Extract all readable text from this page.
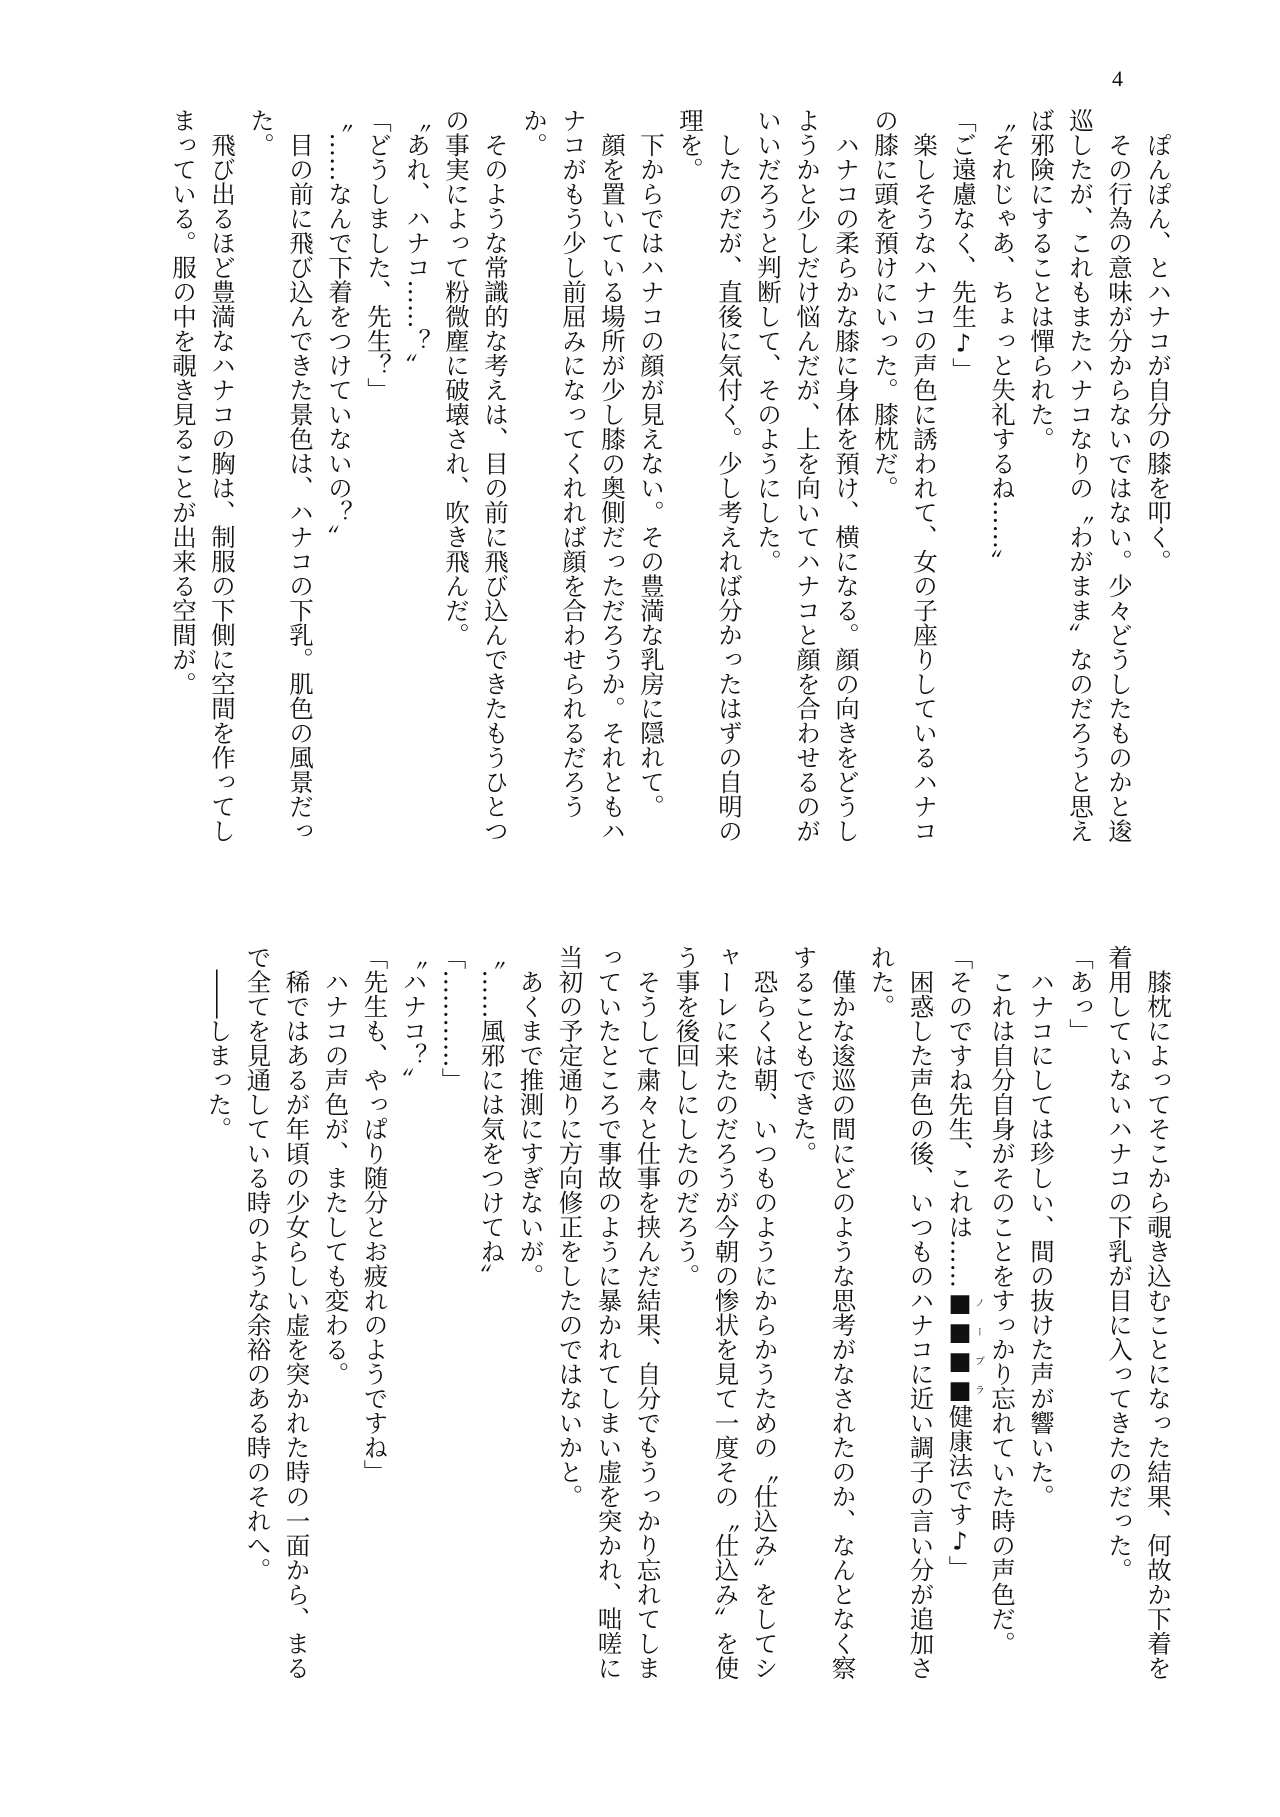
4

　ぽんぽん、とハナコが自分の膝を叩く。

　その行為の意味が分からないではない。少々どうしたものかと逡巡したが、これもまたハナコなりの〝わがまま〟なのだろうと思えば邪険にすることは憚られた。

〝それじゃあ、ちょっと失礼するね……〟

「ご遠慮なく、先生♪」

　楽しそうなハナコの声色に誘われて、女の子座りしているハナコの膝に頭を預けにいった。膝枕だ。

　ハナコの柔らかな膝に身体を預け、横になる。顔の向きをどうしようかと少しだけ悩んだが、上を向いてハナコと顔を合わせるのがいいだろうと判断して、そのようにした。

　したのだが、直後に気付く。少し考えれば分かったはずの自明の理を。

　下からではハナコの顔が見えない。その豊満な乳房に隠れて。

　顔を置いている場所が少し膝の奥側だっただろうか。それともハナコがもう少し前屈みになってくれれば顔を合わせられるだろうか。

　そのような常識的な考えは、目の前に飛び込んできたもうひとつの事実によって粉微塵に破壊され、吹き飛んだ。

〝あれ、ハナコ……？〟

「どうしました、先生？」

〝……なんで下着をつけていないの？〟

　目の前に飛び込んできた景色は、ハナコの下乳。肌色の風景だった。

　飛び出るほど豊満なハナコの胸は、制服の下側に空間を作ってしまっている。服の中を覗き見ることが出来る空間が。

　膝枕によってそこから覗き込むことになった結果、何故か下着を着用していないハナコの下乳が目に入ってきたのだった。

「あっ」

　ハナコにしては珍しい、間の抜けた声が響いた。

　これは自分自身がそのことをすっかり忘れていた時の声色だ。

「そのですね先生、これは……■■■■ノーブラ健康法です♪」

　困惑した声色の後、いつものハナコに近い調子の言い分が追加された。

　僅かな逡巡の間にどのような思考がなされたのか、なんとなく察することもできた。

　恐らくは朝、いつものようにからかうための〝仕込み〟をしてシャーレに来たのだろうが今朝の惨状を見て一度その〝仕込み〟を使う事を後回しにしたのだろう。

　そうして粛々と仕事を挟んだ結果、自分でもうっかり忘れてしまっていたところで事故のように暴かれてしまい虚を突かれ、咄嗟に当初の予定通りに方向修正をしたのではないかと。

　あくまで推測にすぎないが。

〝……風邪には気をつけてね〟

「…………」

〝ハナコ？〟

「先生も、やっぱり随分とお疲れのようですね」

　ハナコの声色が、またしても変わる。

　稀ではあるが年頃の少女らしい虚を突かれた時の一面から、まるで全てを見通している時のような余裕のある時のそれへ。

　――しまった。
